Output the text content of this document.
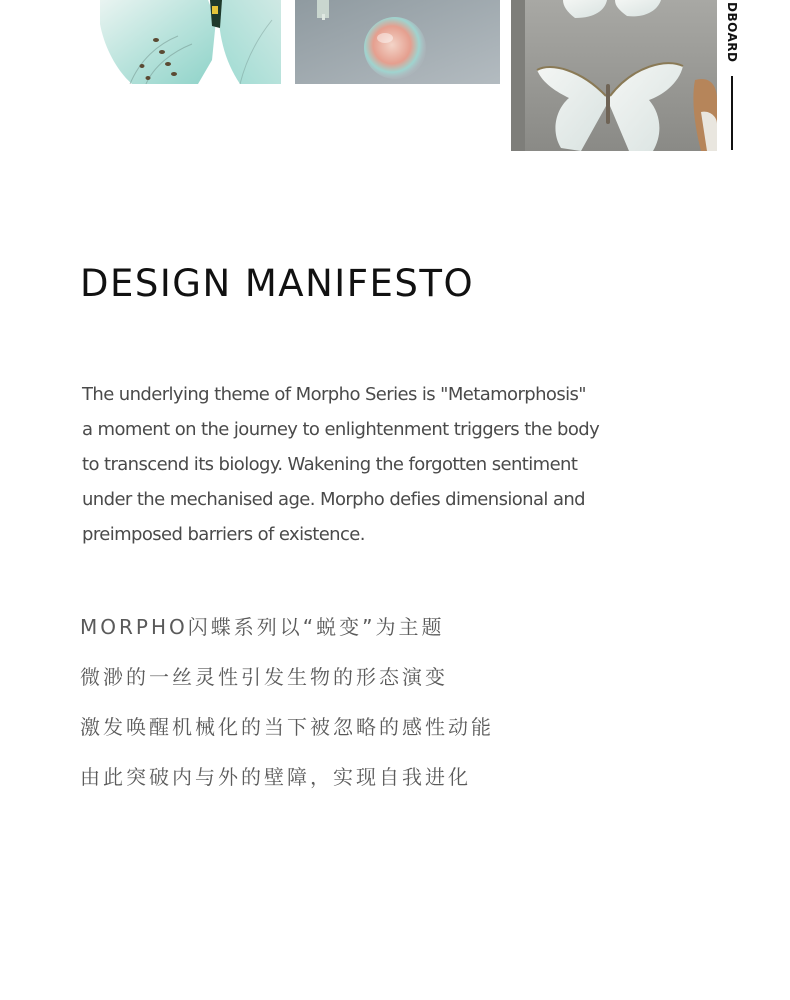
DBOARD
DESIGN MANIFESTO
The underlying theme of Morpho Series is "Metamorphosis"
a moment on the journey to enlightenment triggers the body
to transcend its biology. Wakening the forgotten sentiment
under the mechanised age. Morpho defies dimensional and
preimposed barriers of existence.
MORPHO闪蝶系列以“蜕变”为主题
微渺的一丝灵性引发生物的形态演变
激发唤醒机械化的当下被忽略的感性动能
由此突破内与外的壁障，实现自我进化
